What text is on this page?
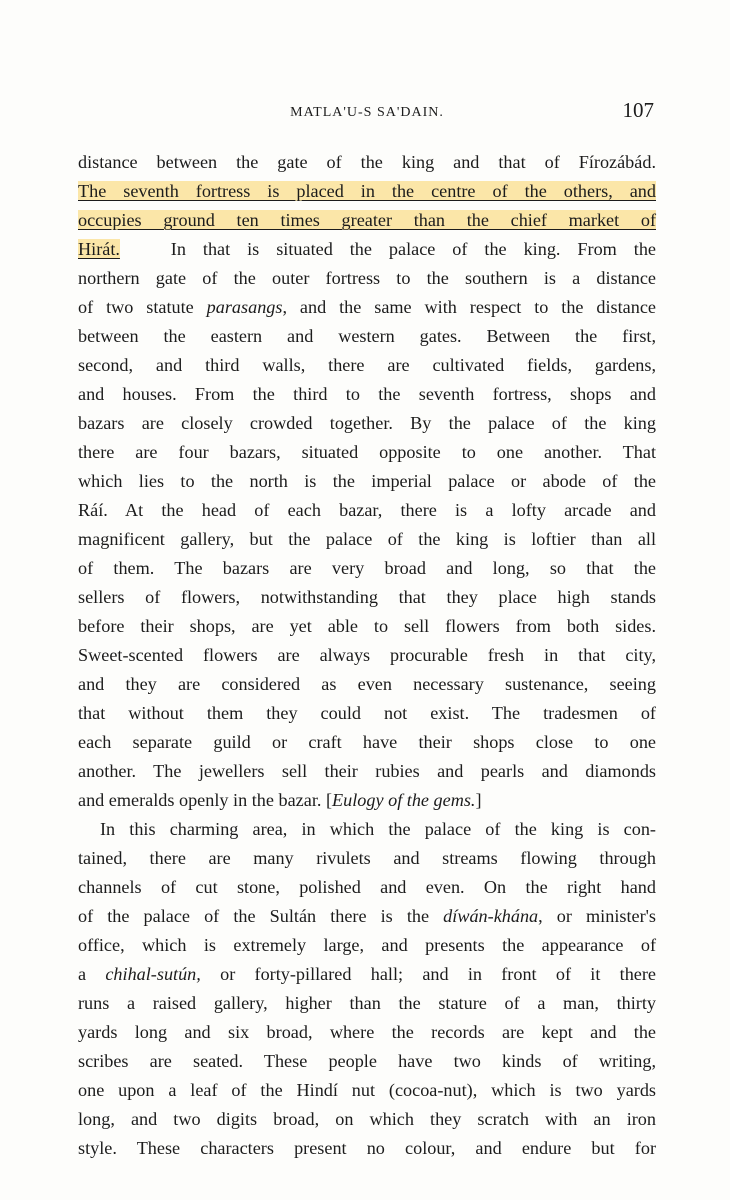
MATLA'U-S SA'DAIN.	107
distance between the gate of the king and that of Fírozábád.
The seventh fortress is placed in the centre of the others, and
occupies ground ten times greater than the chief market of
Hirát.	In that is situated the palace of the king. From the
northern gate of the outer fortress to the southern is a distance
of two statute parasangs, and the same with respect to the distance
between the eastern and western gates. Between the first,
second, and third walls, there are cultivated fields, gardens,
and houses. From the third to the seventh fortress, shops and
bazars are closely crowded together. By the palace of the king
there are four bazars, situated opposite to one another. That
which lies to the north is the imperial palace or abode of the
Ráí. At the head of each bazar, there is a lofty arcade and
magnificent gallery, but the palace of the king is loftier than all
of them. The bazars are very broad and long, so that the
sellers of flowers, notwithstanding that they place high stands
before their shops, are yet able to sell flowers from both sides.
Sweet-scented flowers are always procurable fresh in that city,
and they are considered as even necessary sustenance, seeing
that without them they could not exist. The tradesmen of
each separate guild or craft have their shops close to one
another. The jewellers sell their rubies and pearls and diamonds
and emeralds openly in the bazar. [Eulogy of the gems.]
In this charming area, in which the palace of the king is con-
tained, there are many rivulets and streams flowing through
channels of cut stone, polished and even. On the right hand
of the palace of the Sultán there is the díwán-khána, or minister's
office, which is extremely large, and presents the appearance of
a chihal-sutún, or forty-pillared hall; and in front of it there
runs a raised gallery, higher than the stature of a man, thirty
yards long and six broad, where the records are kept and the
scribes are seated. These people have two kinds of writing,
one upon a leaf of the Hindí nut (cocoa-nut), which is two yards
long, and two digits broad, on which they scratch with an iron
style. These characters present no colour, and endure but for
